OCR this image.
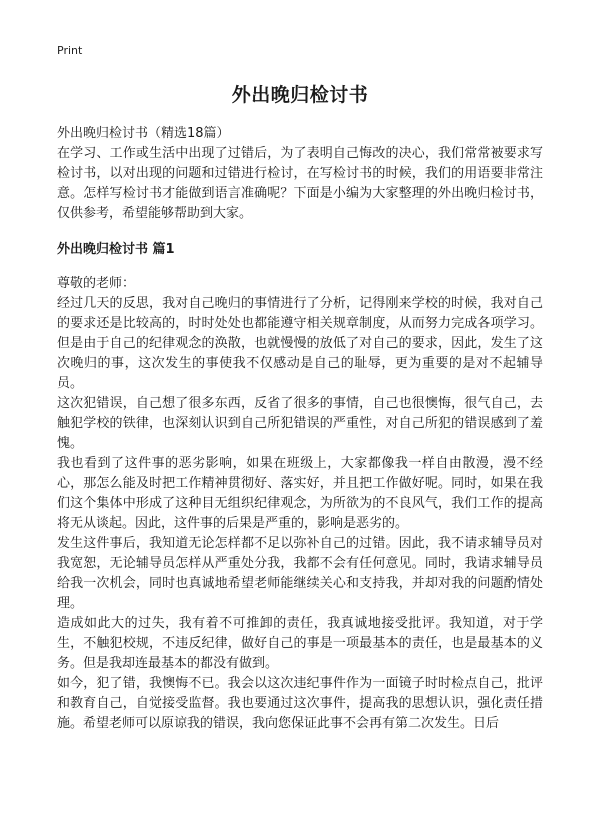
Print
外出晚归检讨书
外出晚归检讨书（精选18篇）

在学习、工作或生活中出现了过错后，为了表明自己悔改的决心，我们常常被要求写检讨书，以对出现的问题和过错进行检讨，在写检讨书的时候，我们的用语要非常注意。怎样写检讨书才能做到语言准确呢？下面是小编为大家整理的外出晚归检讨书，仅供参考，希望能够帮助到大家。

外出晚归检讨书 篇1
尊敬的老师：

经过几天的反思，我对自己晚归的事情进行了分析，记得刚来学校的时候，我对自己的要求还是比较高的，时时处处也都能遵守相关规章制度，从而努力完成各项学习。但是由于自己的纪律观念的涣散，也就慢慢的放低了对自己的要求，因此，发生了这次晚归的事，这次发生的事使我不仅感动是自己的耻辱，更为重要的是对不起辅导员。

这次犯错误，自己想了很多东西，反省了很多的事情，自己也很懊悔，很气自己，去触犯学校的铁律，也深刻认识到自己所犯错误的严重性，对自己所犯的错误感到了羞愧。

我也看到了这件事的恶劣影响，如果在班级上，大家都像我一样自由散漫，漫不经心，那怎么能及时把工作精神贯彻好、落实好，并且把工作做好呢。同时，如果在我们这个集体中形成了这种目无组织纪律观念，为所欲为的不良风气，我们工作的提高将无从谈起。因此，这件事的后果是严重的，影响是恶劣的。

发生这件事后，我知道无论怎样都不足以弥补自己的过错。因此，我不请求辅导员对我宽恕，无论辅导员怎样从严重处分我，我都不会有任何意见。同时，我请求辅导员给我一次机会，同时也真诚地希望老师能继续关心和支持我，并却对我的问题酌情处理。

造成如此大的过失，我有着不可推卸的责任，我真诚地接受批评。我知道，对于学生，不触犯校规，不违反纪律，做好自己的事是一项最基本的责任，也是最基本的义务。但是我却连最基本的都没有做到。

如今，犯了错，我懊悔不已。我会以这次违纪事件作为一面镜子时时检点自己，批评和教育自己，自觉接受监督。我也要通过这次事件，提高我的思想认识，强化责任措施。希望老师可以原谅我的错误，我向您保证此事不会再有第二次发生。日后
